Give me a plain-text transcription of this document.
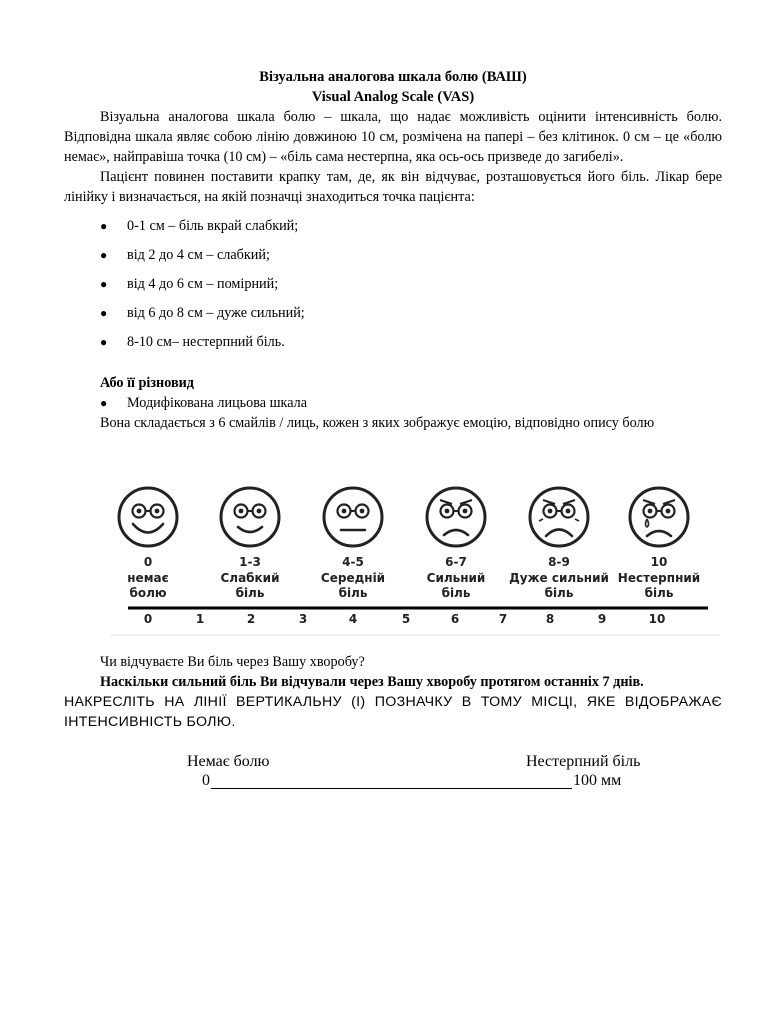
Візуальна аналогова шкала болю (ВАШ)
Visual Analog Scale (VAS)

Візуальна аналогова шкала болю – шкала, що надає можливість оцінити інтенсивність болю. Відповідна шкала являє собою лінію довжиною 10 см, розмічена на папері – без клітинок. 0 см – це «болю немає», найправіша точка (10 см) – «біль сама нестерпна, яка ось-ось призведе до загибелі».

Пацієнт повинен поставити крапку там, де, як він відчуває, розташовується його біль. Лікар бере лінійку і визначається, на якій позначці знаходиться точка пацієнта:

● 0-1 см – біль вкрай слабкий;
● від 2 до 4 см – слабкий;
● від 4 до 6 см – помірний;
● від 6 до 8 см – дуже сильний;
● 8-10 см– нестерпний біль.
Або її різновид
● Модифікована лицьова шкала
Вона складається з 6 смайлів / лиць, кожен з яких зображує емоцію, відповідно опису болю
0
немає
болю
1-3
Слабкий
біль
4-5
Середній
біль
6-7
Сильний
біль
8-9
Дуже сильний
біль
10
Нестерпний
біль
0	1	2	3	4	5	6	7	8	9	10
Чи відчуваєте Ви біль через Вашу хворобу?

Наскільки сильний біль Ви відчували через Вашу хворобу протягом останніх 7 днів.

НАКРЕСЛІТЬ НА ЛІНІЇ ВЕРТИКАЛЬНУ (I) ПОЗНАЧКУ В ТОМУ МІСЦІ, ЯКЕ ВІДОБРАЖАЄ ІНТЕНСИВНІСТЬ БОЛЮ.

Немає болю	Нестерпний біль
0	100 мм
